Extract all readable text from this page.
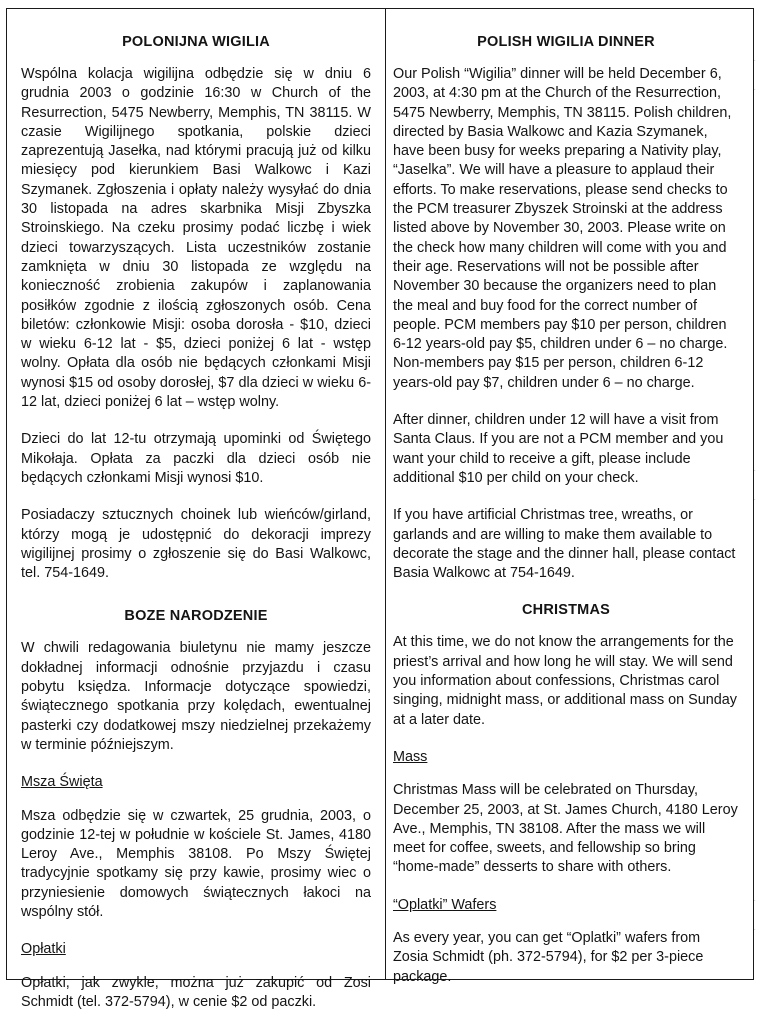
POLONIJNA WIGILIA

Wspólna kolacja wigilijna odbędzie się w dniu 6 grudnia 2003 o godzinie 16:30 w Church of the Resurrection, 5475 Newberry, Memphis, TN 38115. W czasie Wigilijnego spotkania, polskie dzieci zaprezentują Jasełka, nad którymi pracują już od kilku miesięcy pod kierunkiem Basi Walkowc i Kazi Szymanek. Zgłoszenia i opłaty należy wysyłać do dnia 30 listopada na adres skarbnika Misji Zbyszka Stroinskiego. Na czeku prosimy podać liczbę i wiek dzieci towarzyszących. Lista uczestników zostanie zamknięta w dniu 30 listopada ze względu na konieczność zrobienia zakupów i zaplanowania posiłków zgodnie z ilością zgłoszonych osób. Cena biletów: członkowie Misji: osoba dorosła - $10, dzieci w wieku 6-12 lat - $5, dzieci poniżej 6 lat - wstęp wolny. Opłata dla osób nie będących członkami Misji wynosi $15 od osoby dorosłej, $7 dla dzieci w wieku 6-12 lat, dzieci poniżej 6 lat – wstęp wolny.

Dzieci do lat 12-tu otrzymają upominki od Świętego Mikołaja. Opłata za paczki dla dzieci osób nie będących członkami Misji wynosi $10.

Posiadaczy sztucznych choinek lub wieńców/girland, którzy mogą je udostępnić do dekoracji imprezy wigilijnej prosimy o zgłoszenie się do Basi Walkowc, tel. 754-1649.

BOZE NARODZENIE

W chwili redagowania biuletynu nie mamy jeszcze dokładnej informacji odnośnie przyjazdu i czasu pobytu księdza. Informacje dotyczące spowiedzi, świątecznego spotkania przy kolędach, ewentualnej pasterki czy dodatkowej mszy niedzielnej przekażemy w terminie późniejszym.

Msza Święta

Msza odbędzie się w czwartek, 25 grudnia, 2003, o godzinie 12-tej w południe w kościele St. James, 4180 Leroy Ave., Memphis 38108. Po Mszy Świętej tradycyjnie spotkamy się przy kawie, prosimy wiec o przyniesienie domowych świątecznych łakoci na wspólny stół.

Opłatki

Opłatki, jak zwykle, można już zakupić od Zosi Schmidt (tel. 372-5794), w cenie $2 od paczki.

POLISH WIGILIA DINNER

Our Polish “Wigilia” dinner will be held December 6, 2003, at 4:30 pm at the Church of the Resurrection, 5475 Newberry, Memphis, TN 38115. Polish children, directed by Basia Walkowc and Kazia Szymanek, have been busy for weeks preparing a Nativity play, “Jaselka”. We will have a pleasure to applaud their efforts. To make reservations, please send checks to the PCM treasurer Zbyszek Stroinski at the address listed above by November 30, 2003. Please write on the check how many children will come with you and their age. Reservations will not be possible after November 30 because the organizers need to plan the meal and buy food for the correct number of people. PCM members pay $10 per person, children 6-12 years-old pay $5, children under 6 – no charge. Non-members pay $15 per person, children 6-12 years-old pay $7, children under 6 – no charge.

After dinner, children under 12 will have a visit from Santa Claus. If you are not a PCM member and you want your child to receive a gift, please include additional $10 per child on your check.

If you have artificial Christmas tree, wreaths, or garlands and are willing to make them available to decorate the stage and the dinner hall, please contact Basia Walkowc at 754-1649.

CHRISTMAS

At this time, we do not know the arrangements for the priest’s arrival and how long he will stay. We will send you information about confessions, Christmas carol singing, midnight mass, or additional mass on Sunday at a later date.

Mass

Christmas Mass will be celebrated on Thursday, December 25, 2003, at St. James Church, 4180 Leroy Ave., Memphis, TN 38108. After the mass we will meet for coffee, sweets, and fellowship so bring “home-made” desserts to share with others.

“Oplatki” Wafers

As every year, you can get “Oplatki” wafers from Zosia Schmidt (ph. 372-5794), for $2 per 3-piece package.
